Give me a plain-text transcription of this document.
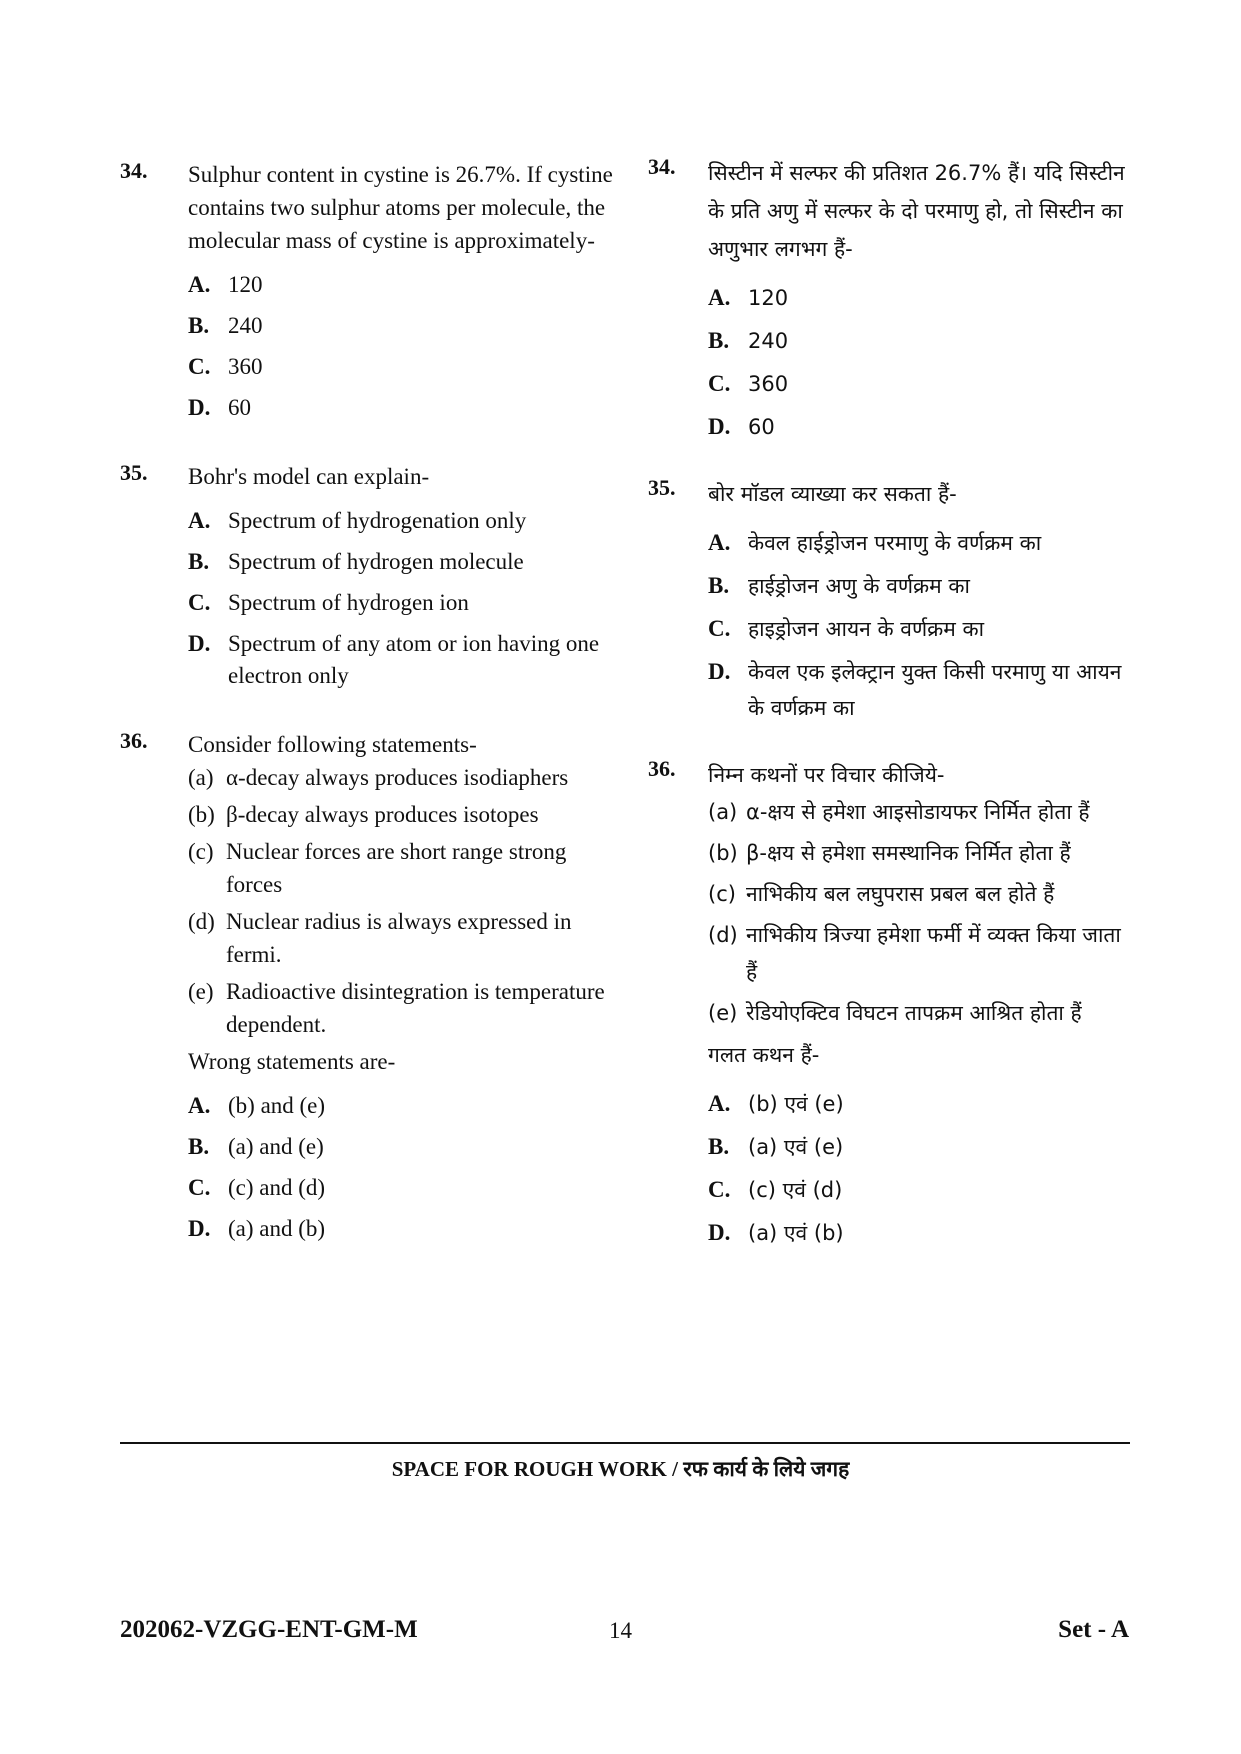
34. Sulphur content in cystine is 26.7%. If cystine contains two sulphur atoms per molecule, the molecular mass of cystine is approximately-
A. 120
B. 240
C. 360
D. 60
35. Bohr's model can explain-
A. Spectrum of hydrogenation only
B. Spectrum of hydrogen molecule
C. Spectrum of hydrogen ion
D. Spectrum of any atom or ion having one electron only
36. Consider following statements-
(a) α-decay always produces isodiaphers
(b) β-decay always produces isotopes
(c) Nuclear forces are short range strong forces
(d) Nuclear radius is always expressed in fermi.
(e) Radioactive disintegration is temperature dependent.
Wrong statements are-
A. (b) and (e)
B. (a) and (e)
C. (c) and (d)
D. (a) and (b)
34. सिस्टीन में सल्फर की प्रतिशत 26.7% हैं। यदि सिस्टीन के प्रति अणु में सल्फर के दो परमाणु हो, तो सिस्टीन का अणुभार लगभग हैं-
A. 120
B. 240
C. 360
D. 60
35. बोर मॉडल व्याख्या कर सकता हैं-
A. केवल हाईड्रोजन परमाणु के वर्णक्रम का
B. हाईड्रोजन अणु के वर्णक्रम का
C. हाइड्रोजन आयन के वर्णक्रम का
D. केवल एक इलेक्ट्रान युक्त किसी परमाणु या आयन के वर्णक्रम का
36. निम्न कथनों पर विचार कीजिये-
(a) α-क्षय से हमेशा आइसोडायफर निर्मित होता हैं
(b) β-क्षय से हमेशा समस्थानिक निर्मित होता हैं
(c) नाभिकीय बल लघुपरास प्रबल बल होते हैं
(d) नाभिकीय त्रिज्या हमेशा फर्मी में व्यक्त किया जाता हैं
(e) रेडियोएक्टिव विघटन तापक्रम आश्रित होता हैं
गलत कथन हैं-
A. (b) एवं (e)
B. (a) एवं (e)
C. (c) एवं (d)
D. (a) एवं (b)
SPACE FOR ROUGH WORK / रफ कार्य के लिये जगह
202062-VZGG-ENT-GM-M	14	Set - A
